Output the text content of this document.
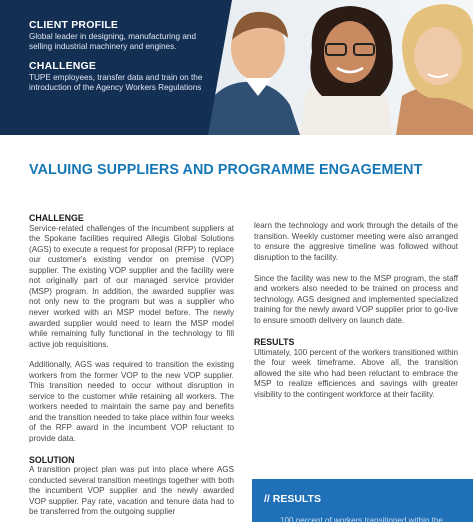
CLIENT PROFILE

Global leader in designing, manufacturing and selling industrial machinery and engines.

CHALLENGE

TUPE employees, transfer data and train on the introduction of the Agency Workers Regulations

VALUING SUPPLIERS AND PROGRAMME ENGAGEMENT

CHALLENGE

Service-related challenges of the incumbent suppliers at the Spokane facilities required Allegis Global Solutions (AGS) to execute a request for proposal (RFP) to replace our customer's existing vendor on premise (VOP) supplier. The existing VOP supplier and the facility were not originally part of our managed service provider (MSP) program. In addition, the awarded supplier was not only new to the program but was a supplier who never worked with an MSP model before. The newly awarded supplier would need to learn the MSP model while remaining fully functional in the technology to fill active job requisitions.

Additionally, AGS was required to transition the existing workers from the former VOP to the new VOP supplier. This transition needed to occur without disruption in service to the customer while retaining all workers. The workers needed to maintain the same pay and benefits and the transition needed to take place within four weeks of the RFP award in the incumbent VOP reluctant to provide data.

SOLUTION

A transition project plan was put into place where AGS conducted several transition meetings together with both the incumbent VOP supplier and the newly awarded VOP supplier. Pay rate, vacation and tenure data had to be transferred from the outgoing supplier

learn the technology and work through the details of the transition. Weekly customer meeting were also arranged to ensure the aggresive timeline was followed without disruption to the facility.

Since the facility was new to the MSP program, the staff and workers also needed to be trained on process and technology. AGS designed and implemented specialized training for the newly award VOP supplier prior to go-live to ensure smooth delivery on launch date.

RESULTS

Ultimately, 100 percent of the workers transitioned within the four week timeframe. Above all, the transition allowed the site who had been reluctant to embrace the MSP to realize efficiences and savings with greater visibility to the contingent workforce at their facility.

// RESULTS

100 percent of workers transitioned within the
